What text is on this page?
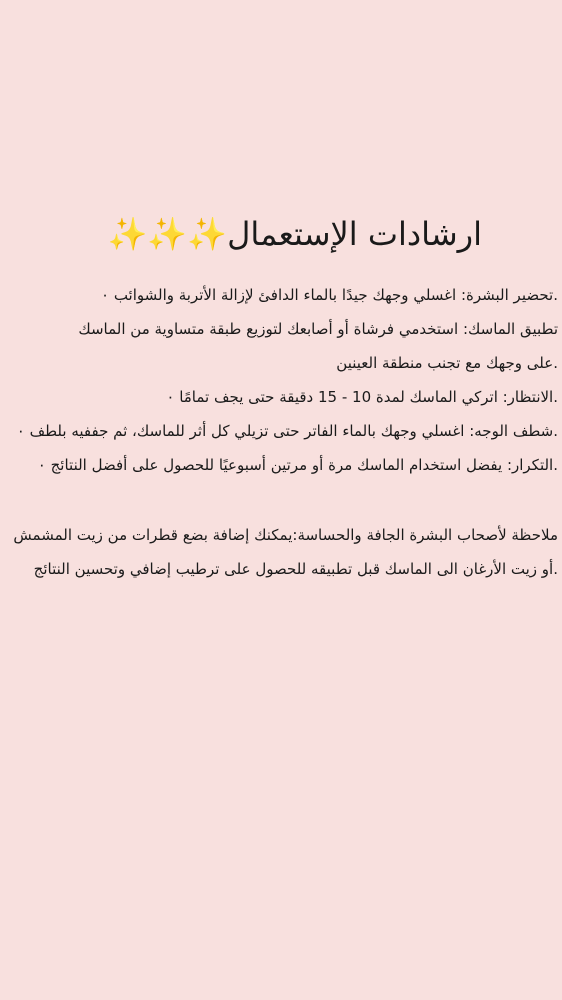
ارشادات الإستعمال✨✨✨
.تحضير البشرة: اغسلي وجهك جيدًا بالماء الدافئ لإزالة الأتربة والشوائب ٠
تطبيق الماسك: استخدمي فرشاة أو أصابعك لتوزيع طبقة متساوية من الماسك
.على وجهك مع تجنب منطقة العينين
.الانتظار: اتركي الماسك لمدة 10 - 15 دقيقة حتى يجف تمامًا ٠
.شطف الوجه: اغسلي وجهك بالماء الفاتر حتى تزيلي كل أثر للماسك، ثم جففيه بلطف ٠
.التكرار: يفضل استخدام الماسك مرة أو مرتين أسبوعيًا للحصول على أفضل النتائج ٠
ملاحظة لأصحاب البشرة الجافة والحساسة:يمكنك إضافة بضع قطرات من زيت المشمش
.أو زيت الأرغان الى الماسك قبل تطبيقه للحصول على ترطيب إضافي وتحسين النتائج
